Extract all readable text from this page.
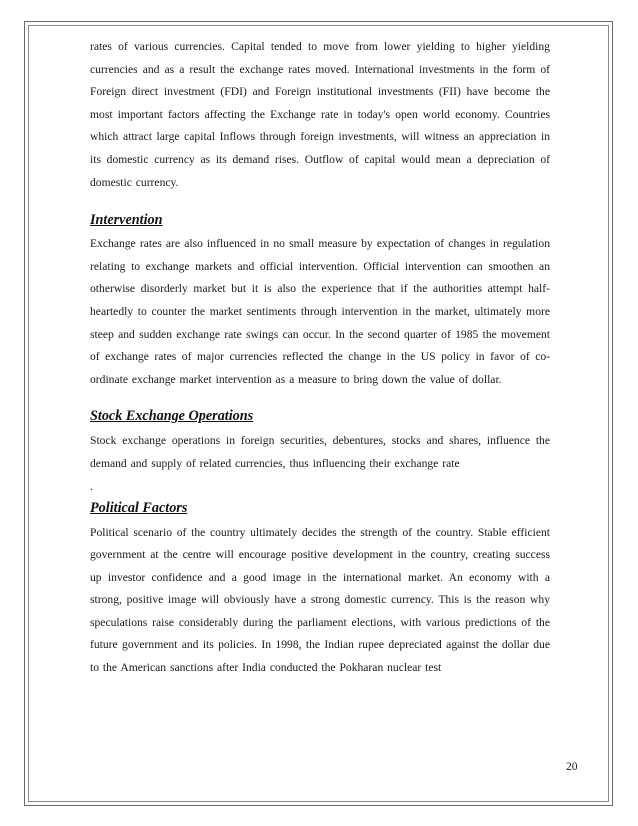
rates of various currencies. Capital tended to move from lower yielding to higher yielding currencies and as a result the exchange rates moved. International investments in the form of Foreign direct investment (FDI) and Foreign institutional investments (FII) have become the most important factors affecting the Exchange rate in today's open world economy. Countries which attract large capital Inflows through foreign investments, will witness an appreciation in its domestic currency as its demand rises. Outflow of capital would mean a depreciation of domestic currency.

Intervention

Exchange rates are also influenced in no small measure by expectation of changes in regulation relating to exchange markets and official intervention. Official intervention can smoothen an otherwise disorderly market but it is also the experience that if the authorities attempt half-heartedly to counter the market sentiments through intervention in the market, ultimately more steep and sudden exchange rate swings can occur. In the second quarter of 1985 the movement of exchange rates of major currencies reflected the change in the US policy in favor of co-ordinate exchange market intervention as a measure to bring down the value of dollar.

Stock Exchange Operations

Stock exchange operations in foreign securities, debentures, stocks and shares, influence the demand and supply of related currencies, thus influencing their exchange rate

.

Political Factors

Political scenario of the country ultimately decides the strength of the country. Stable efficient government at the centre will encourage positive development in the country, creating success up investor confidence and a good image in the international market. An economy with a strong, positive image will obviously have a strong domestic currency. This is the reason why speculations raise considerably during the parliament elections, with various predictions of the future government and its policies. In 1998, the Indian rupee depreciated against the dollar due to the American sanctions after India conducted the Pokharan nuclear test

20
